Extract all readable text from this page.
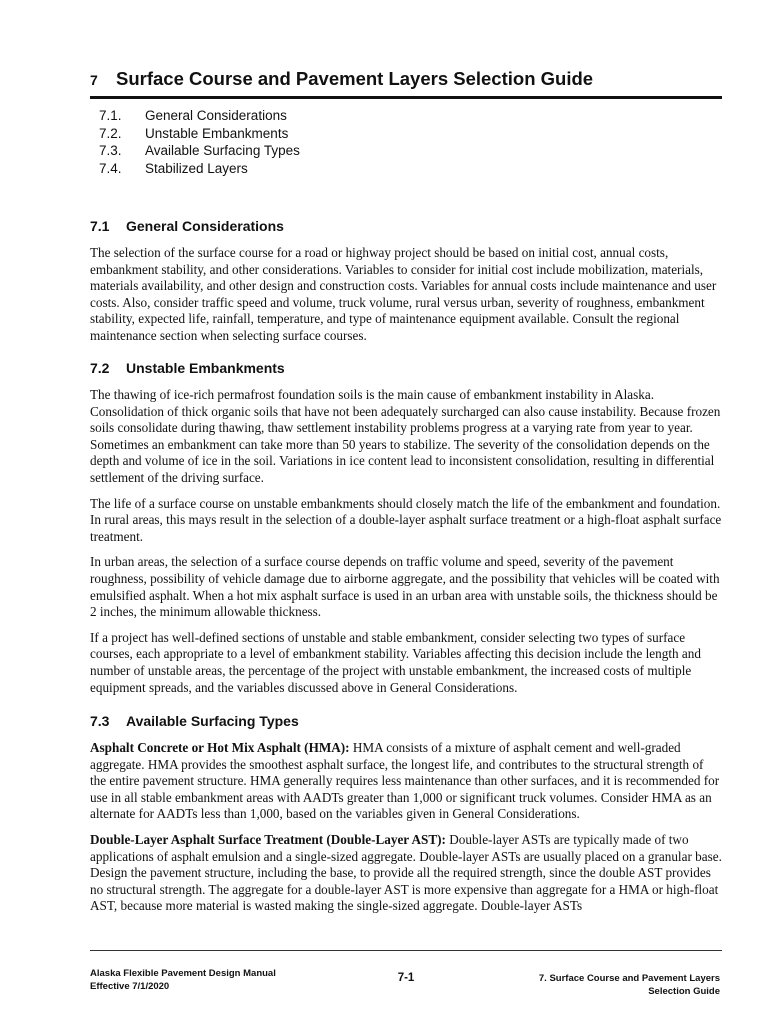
7 Surface Course and Pavement Layers Selection Guide
7.1.	General Considerations
7.2.	Unstable Embankments
7.3.	Available Surfacing Types
7.4.	Stabilized Layers
7.1 General Considerations

The selection of the surface course for a road or highway project should be based on initial cost, annual costs, embankment stability, and other considerations. Variables to consider for initial cost include mobilization, materials, materials availability, and other design and construction costs. Variables for annual costs include maintenance and user costs. Also, consider traffic speed and volume, truck volume, rural versus urban, severity of roughness, embankment stability, expected life, rainfall, temperature, and type of maintenance equipment available. Consult the regional maintenance section when selecting surface courses.

7.2 Unstable Embankments

The thawing of ice-rich permafrost foundation soils is the main cause of embankment instability in Alaska. Consolidation of thick organic soils that have not been adequately surcharged can also cause instability. Because frozen soils consolidate during thawing, thaw settlement instability problems progress at a varying rate from year to year. Sometimes an embankment can take more than 50 years to stabilize. The severity of the consolidation depends on the depth and volume of ice in the soil. Variations in ice content lead to inconsistent consolidation, resulting in differential settlement of the driving surface.

The life of a surface course on unstable embankments should closely match the life of the embankment and foundation. In rural areas, this mays result in the selection of a double-layer asphalt surface treatment or a high-float asphalt surface treatment.

In urban areas, the selection of a surface course depends on traffic volume and speed, severity of the pavement roughness, possibility of vehicle damage due to airborne aggregate, and the possibility that vehicles will be coated with emulsified asphalt. When a hot mix asphalt surface is used in an urban area with unstable soils, the thickness should be 2 inches, the minimum allowable thickness.

If a project has well-defined sections of unstable and stable embankment, consider selecting two types of surface courses, each appropriate to a level of embankment stability. Variables affecting this decision include the length and number of unstable areas, the percentage of the project with unstable embankment, the increased costs of multiple equipment spreads, and the variables discussed above in General Considerations.

7.3 Available Surfacing Types

Asphalt Concrete or Hot Mix Asphalt (HMA): HMA consists of a mixture of asphalt cement and well-graded aggregate. HMA provides the smoothest asphalt surface, the longest life, and contributes to the structural strength of the entire pavement structure. HMA generally requires less maintenance than other surfaces, and it is recommended for use in all stable embankment areas with AADTs greater than 1,000 or significant truck volumes. Consider HMA as an alternate for AADTs less than 1,000, based on the variables given in General Considerations.

Double-Layer Asphalt Surface Treatment (Double-Layer AST): Double-layer ASTs are typically made of two applications of asphalt emulsion and a single-sized aggregate. Double-layer ASTs are usually placed on a granular base. Design the pavement structure, including the base, to provide all the required strength, since the double AST provides no structural strength. The aggregate for a double-layer AST is more expensive than aggregate for a HMA or high-float AST, because more material is wasted making the single-sized aggregate. Double-layer ASTs

Alaska Flexible Pavement Design Manual
Effective 7/1/2020
7-1	7. Surface Course and Pavement Layers
Selection Guide
